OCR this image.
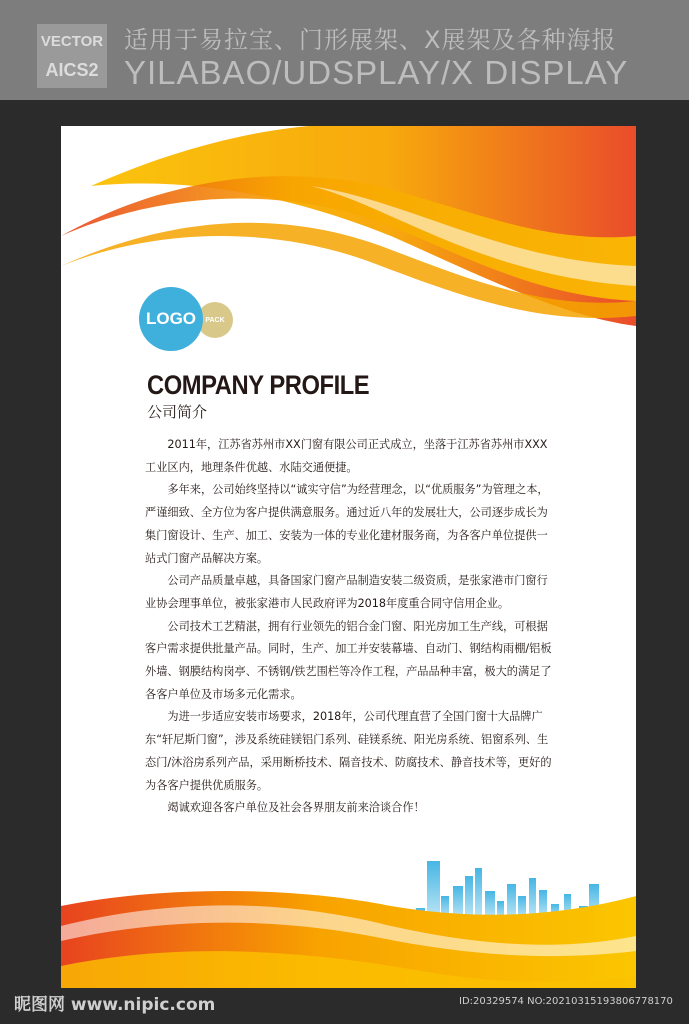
VECTOR
AICS2
适用于易拉宝、门形展架、X展架及各种海报
YILABAO/UDSPLAY/X DISPLAY
LOGO PACK
COMPANY PROFILE
公司简介

2011年，江苏省苏州市XX门窗有限公司正式成立，坐落于江苏省苏州市XXX工业区内，地理条件优越、水陆交通便捷。

多年来，公司始终坚持以“诚实守信”为经营理念，以“优质服务”为管理之本，严谨细致、全方位为客户提供满意服务。通过近八年的发展壮大，公司逐步成长为集门窗设计、生产、加工、安装为一体的专业化建材服务商，为各客户单位提供一站式门窗产品解决方案。

公司产品质量卓越，具备国家门窗产品制造安装二级资质，是张家港市门窗行业协会理事单位，被张家港市人民政府评为2018年度重合同守信用企业。

公司技术工艺精湛，拥有行业领先的铝合金门窗、阳光房加工生产线，可根据客户需求提供批量产品。同时，生产、加工并安装幕墙、自动门、钢结构雨棚/铝板外墙、钢膜结构岗亭、不锈钢/铁艺围栏等冷作工程，产品品种丰富，极大的满足了各客户单位及市场多元化需求。

为进一步适应安装市场要求，2018年，公司代理直营了全国门窗十大品牌广东“轩尼斯门窗”，涉及系统硅镁铝门系列、硅镁系统、阳光房系统、铝窗系列、生态门/沐浴房系列产品，采用断桥技术、隔音技术、防腐技术、静音技术等，更好的为各客户提供优质服务。

竭诚欢迎各客户单位及社会各界朋友前来洽谈合作！

昵图网 www.nipic.com	ID:20329574 NO:20210315193806778170
